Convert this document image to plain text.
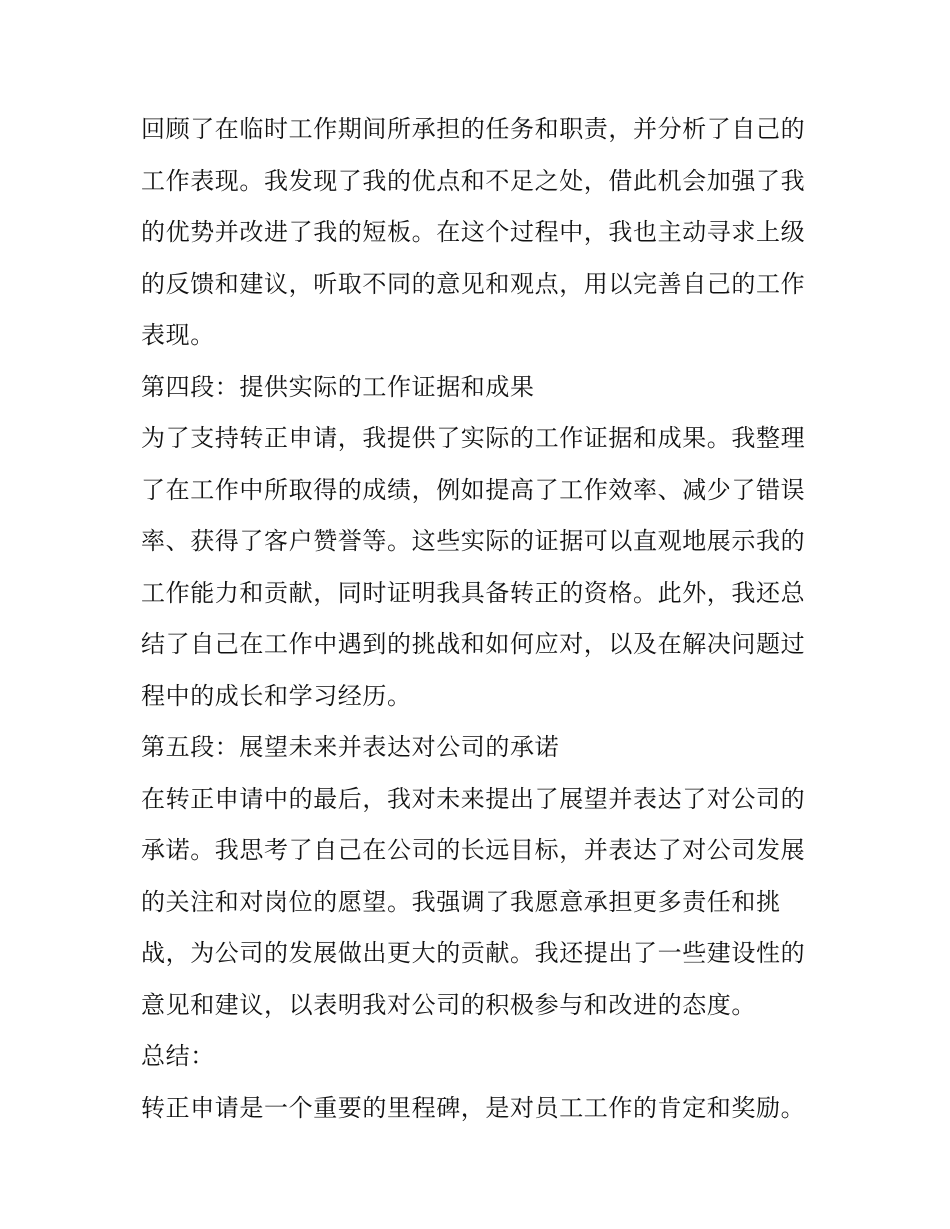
回顾了在临时工作期间所承担的任务和职责，并分析了自己的
工作表现。我发现了我的优点和不足之处，借此机会加强了我
的优势并改进了我的短板。在这个过程中，我也主动寻求上级
的反馈和建议，听取不同的意见和观点，用以完善自己的工作
表现。
第四段：提供实际的工作证据和成果
为了支持转正申请，我提供了实际的工作证据和成果。我整理
了在工作中所取得的成绩，例如提高了工作效率、减少了错误
率、获得了客户赞誉等。这些实际的证据可以直观地展示我的
工作能力和贡献，同时证明我具备转正的资格。此外，我还总
结了自己在工作中遇到的挑战和如何应对，以及在解决问题过
程中的成长和学习经历。
第五段：展望未来并表达对公司的承诺
在转正申请中的最后，我对未来提出了展望并表达了对公司的
承诺。我思考了自己在公司的长远目标，并表达了对公司发展
的关注和对岗位的愿望。我强调了我愿意承担更多责任和挑
战，为公司的发展做出更大的贡献。我还提出了一些建设性的
意见和建议，以表明我对公司的积极参与和改进的态度。
总结：
转正申请是一个重要的里程碑，是对员工工作的肯定和奖励。
